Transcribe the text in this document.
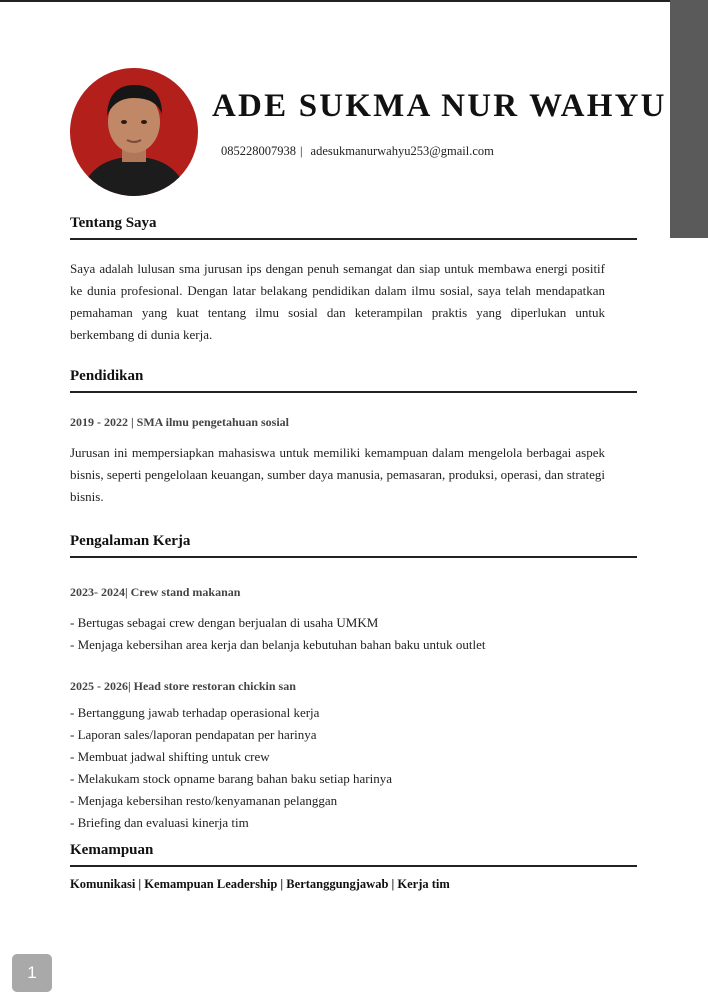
ADE SUKMA NUR WAHYU
085228007938 | adesukmanurwahyu253@gmail.com
Tentang Saya
Saya adalah lulusan sma jurusan ips dengan penuh semangat dan siap untuk membawa energi positif ke dunia profesional. Dengan latar belakang pendidikan dalam ilmu sosial, saya telah mendapatkan pemahaman yang kuat tentang ilmu sosial dan keterampilan praktis yang diperlukan untuk berkembang di dunia kerja.
Pendidikan
2019 - 2022 | SMA ilmu pengetahuan sosial
Jurusan ini mempersiapkan mahasiswa untuk memiliki kemampuan dalam mengelola berbagai aspek bisnis, seperti pengelolaan keuangan, sumber daya manusia, pemasaran, produksi, operasi, dan strategi bisnis.
Pengalaman Kerja
2023- 2024| Crew stand makanan
- Bertugas sebagai crew dengan berjualan di usaha UMKM
- Menjaga kebersihan area kerja dan belanja kebutuhan bahan baku untuk outlet
2025 - 2026| Head store restoran chickin san
- Bertanggung jawab terhadap operasional kerja
- Laporan sales/laporan pendapatan per harinya
- Membuat jadwal shifting untuk crew
- Melakukam stock opname barang bahan baku setiap harinya
- Menjaga kebersihan resto/kenyamanan pelanggan
- Briefing dan evaluasi kinerja tim
Kemampuan
Komunikasi | Kemampuan Leadership | Bertanggungjawab | Kerja tim
1
